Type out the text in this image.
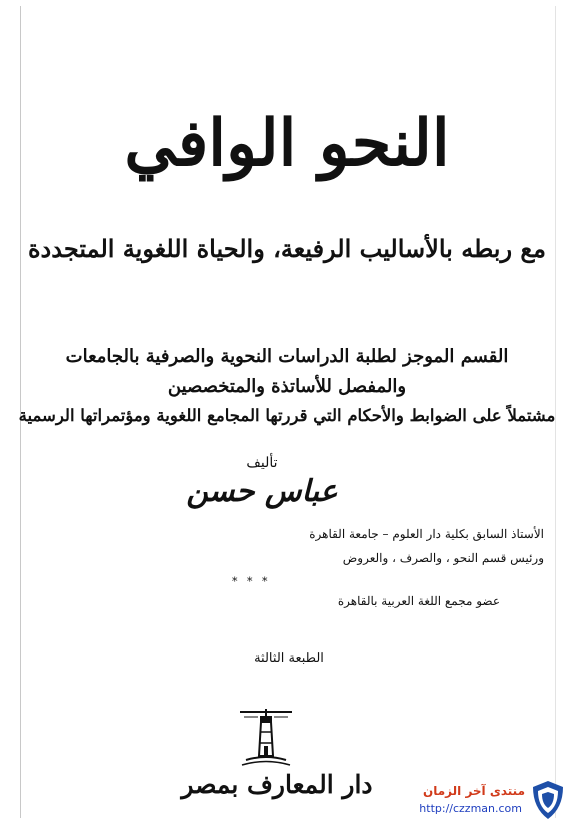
النحو الوافي
مع ربطه بالأساليب الرفيعة، والحياة اللغوية المتجددة
القسم الموجز لطلبة الدراسات النحوية والصرفية بالجامعات
والمفصل للأساتذة والمتخصصين
مشتملاً على الضوابط والأحكام التي قررتها المجامع اللغوية ومؤتمراتها الرسمية
تأليف
عباس حسن
الأستاذ السابق بكلية دار العلوم – جامعة القاهرة
ورئيس قسم النحو ، والصرف ، والعروض
* * *
عضو مجمع اللغة العربية بالقاهرة
الطبعة الثالثة
دار المعارف بمصر	منتدى آخر الزمان
http://czzman.com
